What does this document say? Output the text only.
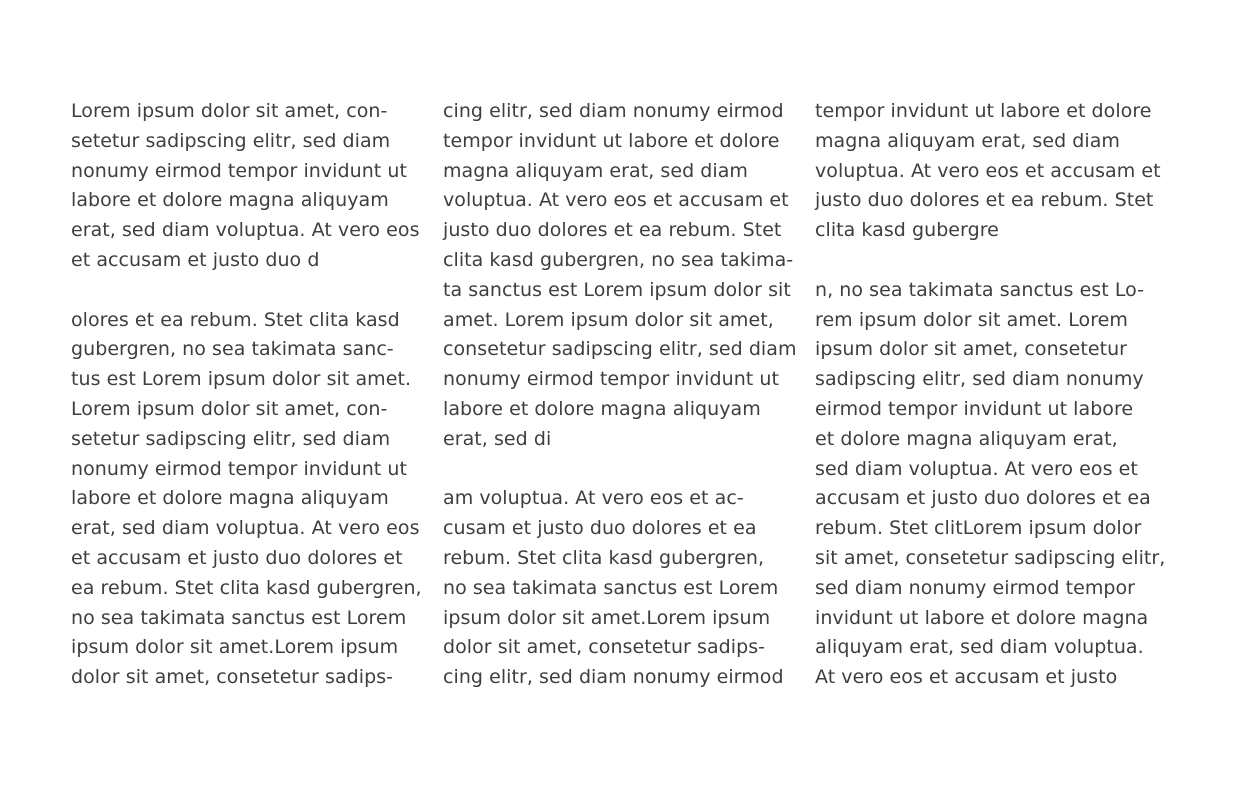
Lorem ipsum dolor sit amet, con-
setetur sadipscing elitr, sed diam
nonumy eirmod tempor invidunt ut
labore et dolore magna aliquyam
erat, sed diam voluptua. At vero eos
et accusam et justo duo d
olores et ea rebum. Stet clita kasd
gubergren, no sea takimata sanc-
tus est Lorem ipsum dolor sit amet.
Lorem ipsum dolor sit amet, con-
setetur sadipscing elitr, sed diam
nonumy eirmod tempor invidunt ut
labore et dolore magna aliquyam
erat, sed diam voluptua. At vero eos
et accusam et justo duo dolores et
ea rebum. Stet clita kasd gubergren,
no sea takimata sanctus est Lorem
ipsum dolor sit amet.Lorem ipsum
dolor sit amet, consetetur sadips-
cing elitr, sed diam nonumy eirmod
tempor invidunt ut labore et dolore
magna aliquyam erat, sed diam
voluptua. At vero eos et accusam et
justo duo dolores et ea rebum. Stet
clita kasd gubergren, no sea takima-
ta sanctus est Lorem ipsum dolor sit
amet. Lorem ipsum dolor sit amet,
consetetur sadipscing elitr, sed diam
nonumy eirmod tempor invidunt ut
labore et dolore magna aliquyam
erat, sed di
am voluptua. At vero eos et ac-
cusam et justo duo dolores et ea
rebum. Stet clita kasd gubergren,
no sea takimata sanctus est Lorem
ipsum dolor sit amet.Lorem ipsum
dolor sit amet, consetetur sadips-
cing elitr, sed diam nonumy eirmod
tempor invidunt ut labore et dolore
magna aliquyam erat, sed diam
voluptua. At vero eos et accusam et
justo duo dolores et ea rebum. Stet
clita kasd gubergre
n, no sea takimata sanctus est Lo-
rem ipsum dolor sit amet. Lorem
ipsum dolor sit amet, consetetur
sadipscing elitr, sed diam nonumy
eirmod tempor invidunt ut labore
et dolore magna aliquyam erat,
sed diam voluptua. At vero eos et
accusam et justo duo dolores et ea
rebum. Stet clitLorem ipsum dolor
sit amet, consetetur sadipscing elitr,
sed diam nonumy eirmod tempor
invidunt ut labore et dolore magna
aliquyam erat, sed diam voluptua.
At vero eos et accusam et justo
